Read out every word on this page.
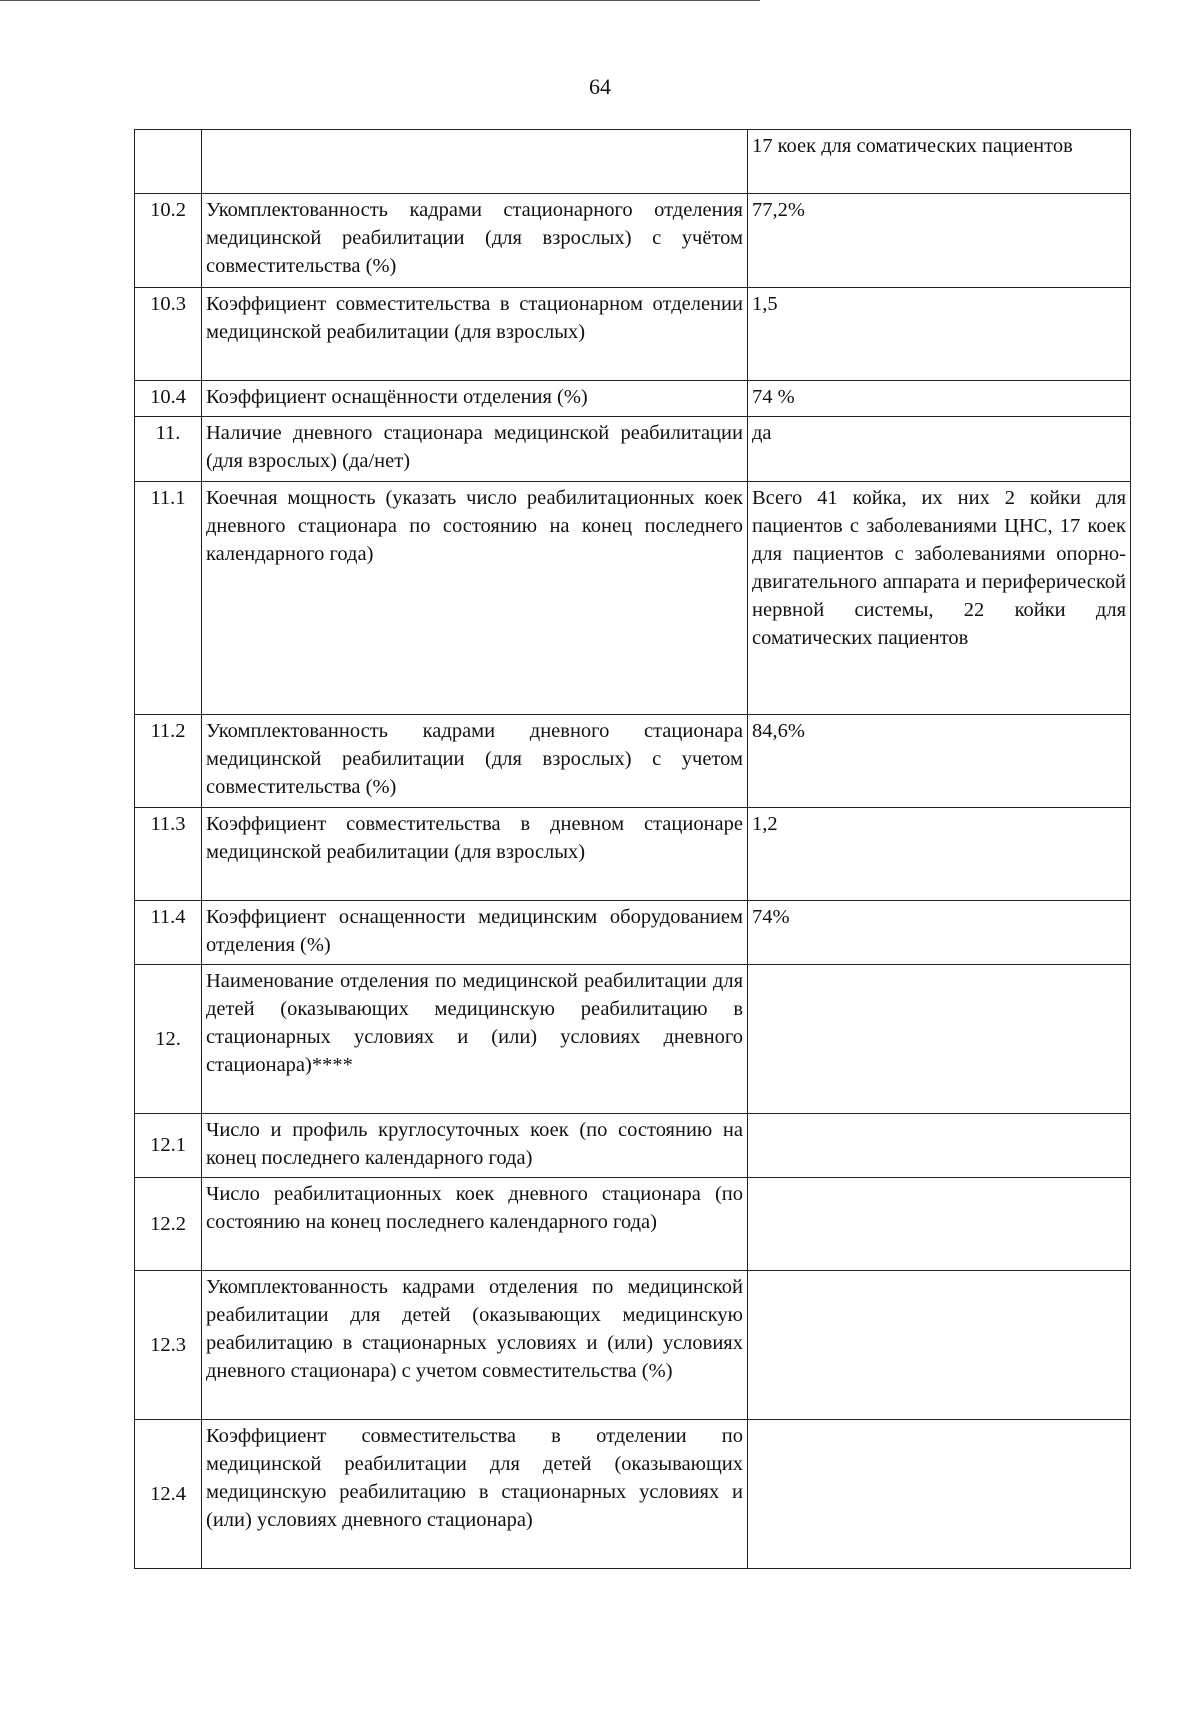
64
		17 коек для соматических пациентов
10.2	Укомплектованность кадрами стационарного отделения медицинской реабилитации (для взрослых) с учётом совместительства (%)	77,2%
10.3	Коэффициент совместительства в стационарном отделении медицинской реабилитации (для взрослых)	1,5
10.4	Коэффициент оснащённости отделения (%)	74 %
11.	Наличие дневного стационара медицинской реабилитации (для взрослых) (да/нет)	да
11.1	Коечная мощность (указать число реабилитационных коек дневного стационара по состоянию на конец последнего календарного года)	Всего 41 койка, их них 2 койки для пациентов с заболеваниями ЦНС, 17 коек для пациентов с заболеваниями опорно-двигательного аппарата и периферической нервной системы, 22 койки для соматических пациентов
11.2	Укомплектованность кадрами дневного стационара медицинской реабилитации (для взрослых) с учетом совместительства (%)	84,6%
11.3	Коэффициент совместительства в дневном стационаре медицинской реабилитации (для взрослых)	1,2
11.4	Коэффициент оснащенности медицинским оборудованием отделения (%)	74%
12.	Наименование отделения по медицинской реабилитации для детей (оказывающих медицинскую реабилитацию в стационарных условиях и (или) условиях дневного стационара)****	
12.1	Число и профиль круглосуточных коек (по состоянию на конец последнего календарного года)	
12.2	Число реабилитационных коек дневного стационара (по состоянию на конец последнего календарного года)	
12.3	Укомплектованность кадрами отделения по медицинской реабилитации для детей (оказывающих медицинскую реабилитацию в стационарных условиях и (или) условиях дневного стационара) с учетом совместительства (%)	
12.4	Коэффициент совместительства в отделении по медицинской реабилитации для детей (оказывающих медицинскую реабилитацию в стационарных условиях и (или) условиях дневного стационара)	
